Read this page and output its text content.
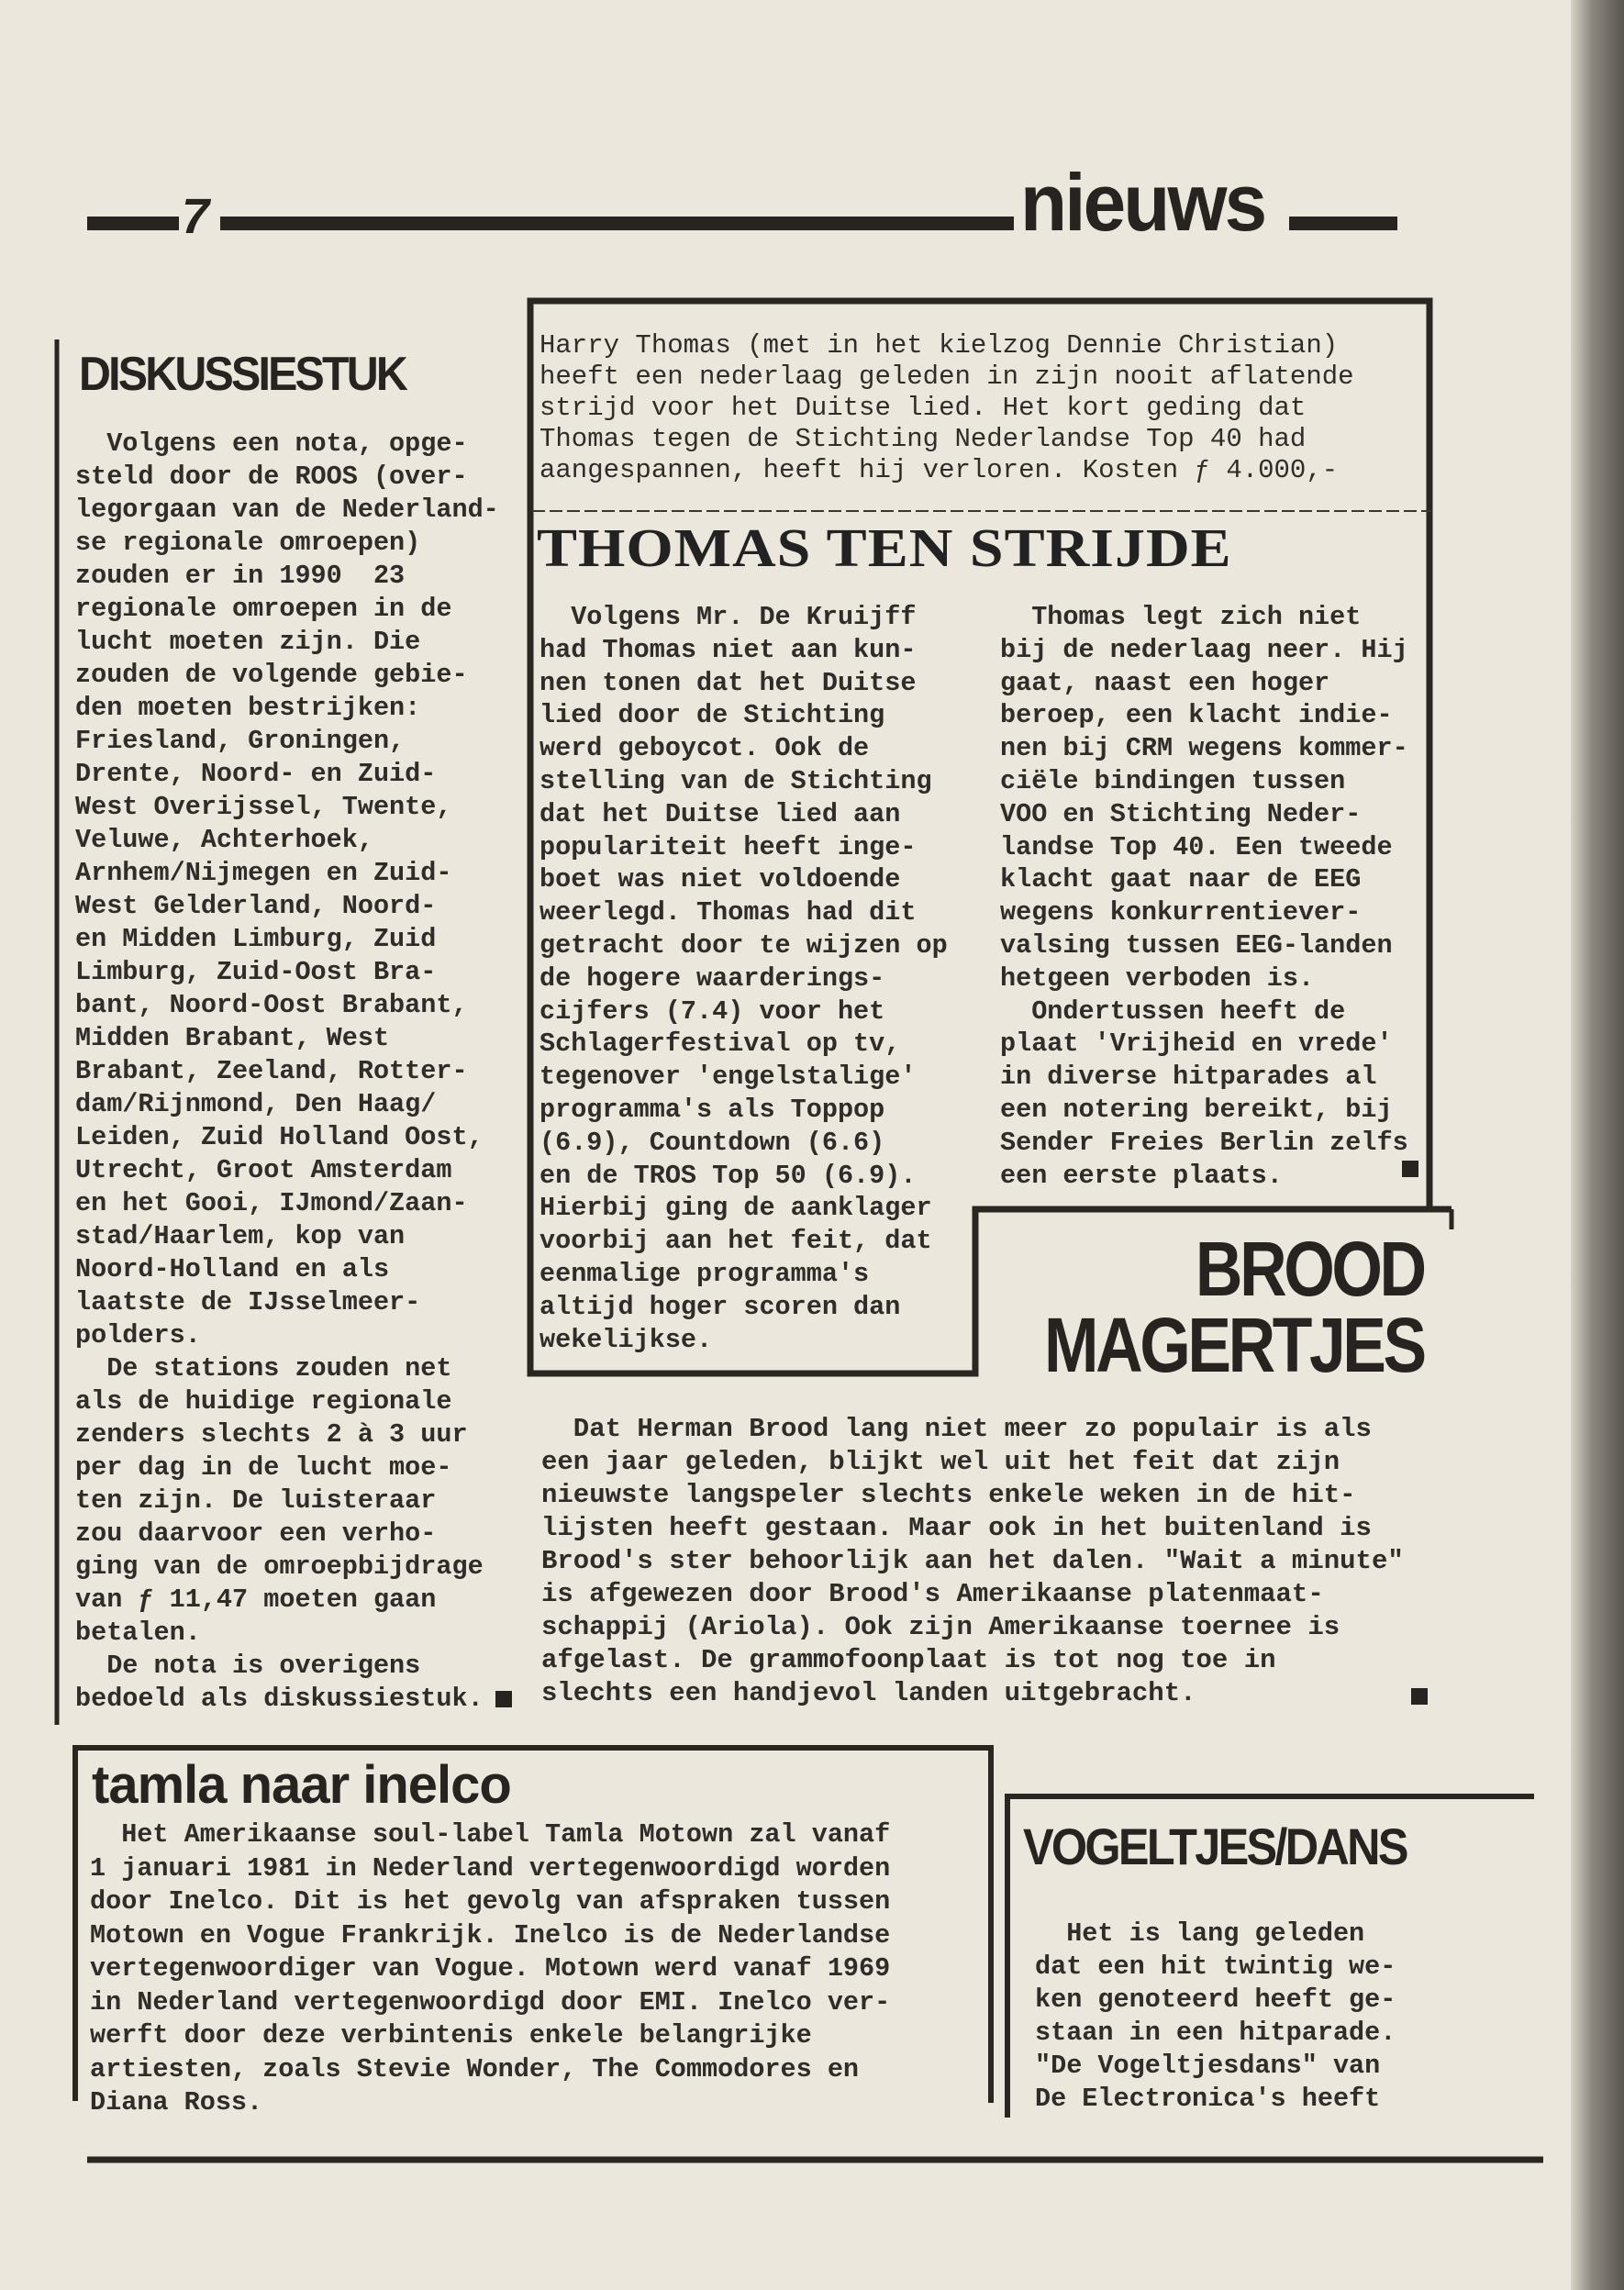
7	nieuws
DISKUSSIESTUK
Volgens een nota, opge-
steld door de ROOS (over-
legorgaan van de Nederland-
se regionale omroepen)
zouden er in 1990  23
regionale omroepen in de
lucht moeten zijn. Die
zouden de volgende gebie-
den moeten bestrijken:
Friesland, Groningen,
Drente, Noord- en Zuid-
West Overijssel, Twente,
Veluwe, Achterhoek,
Arnhem/Nijmegen en Zuid-
West Gelderland, Noord-
en Midden Limburg, Zuid
Limburg, Zuid-Oost Bra-
bant, Noord-Oost Brabant,
Midden Brabant, West
Brabant, Zeeland, Rotter-
dam/Rijnmond, Den Haag/
Leiden, Zuid Holland Oost,
Utrecht, Groot Amsterdam
en het Gooi, IJmond/Zaan-
stad/Haarlem, kop van
Noord-Holland en als
laatste de IJsselmeer-
polders.
De stations zouden net
als de huidige regionale
zenders slechts 2 à 3 uur
per dag in de lucht moe-
ten zijn. De luisteraar
zou daarvoor een verho-
ging van de omroepbijdrage
van ƒ 11,47 moeten gaan
betalen.
De nota is overigens
bedoeld als diskussiestuk.
Harry Thomas (met in het kielzog Dennie Christian)
heeft een nederlaag geleden in zijn nooit aflatende
strijd voor het Duitse lied. Het kort geding dat
Thomas tegen de Stichting Nederlandse Top 40 had
aangespannen, heeft hij verloren. Kosten ƒ 4.000,-
THOMAS TEN STRIJDE
Volgens Mr. De Kruijff
had Thomas niet aan kun-
nen tonen dat het Duitse
lied door de Stichting
werd geboycot. Ook de
stelling van de Stichting
dat het Duitse lied aan
populariteit heeft inge-
boet was niet voldoende
weerlegd. Thomas had dit
getracht door te wijzen op
de hogere waarderings-
cijfers (7.4) voor het
Schlagerfestival op tv,
tegenover 'engelstalige'
programma's als Toppop
(6.9), Countdown (6.6)
en de TROS Top 50 (6.9).
Hierbij ging de aanklager
voorbij aan het feit, dat
eenmalige programma's
altijd hoger scoren dan
wekelijkse.
Thomas legt zich niet
bij de nederlaag neer. Hij
gaat, naast een hoger
beroep, een klacht indie-
nen bij CRM wegens kommer-
ciële bindingen tussen
VOO en Stichting Neder-
landse Top 40. Een tweede
klacht gaat naar de EEG
wegens konkurrentiever-
valsing tussen EEG-landen
hetgeen verboden is.
Ondertussen heeft de
plaat 'Vrijheid en vrede'
in diverse hitparades al
een notering bereikt, bij
Sender Freies Berlin zelfs
een eerste plaats.
BROOD
MAGERTJES
Dat Herman Brood lang niet meer zo populair is als
een jaar geleden, blijkt wel uit het feit dat zijn
nieuwste langspeler slechts enkele weken in de hit-
lijsten heeft gestaan. Maar ook in het buitenland is
Brood's ster behoorlijk aan het dalen. "Wait a minute"
is afgewezen door Brood's Amerikaanse platenmaat-
schappij (Ariola). Ook zijn Amerikaanse toernee is
afgelast. De grammofoonplaat is tot nog toe in
slechts een handjevol landen uitgebracht.
tamla naar inelco
Het Amerikaanse soul-label Tamla Motown zal vanaf
1 januari 1981 in Nederland vertegenwoordigd worden
door Inelco. Dit is het gevolg van afspraken tussen
Motown en Vogue Frankrijk. Inelco is de Nederlandse
vertegenwoordiger van Vogue. Motown werd vanaf 1969
in Nederland vertegenwoordigd door EMI. Inelco ver-
werft door deze verbintenis enkele belangrijke
artiesten, zoals Stevie Wonder, The Commodores en
Diana Ross.
VOGELTJES/DANS
Het is lang geleden
dat een hit twintig we-
ken genoteerd heeft ge-
staan in een hitparade.
"De Vogeltjesdans" van
De Electronica's heeft
